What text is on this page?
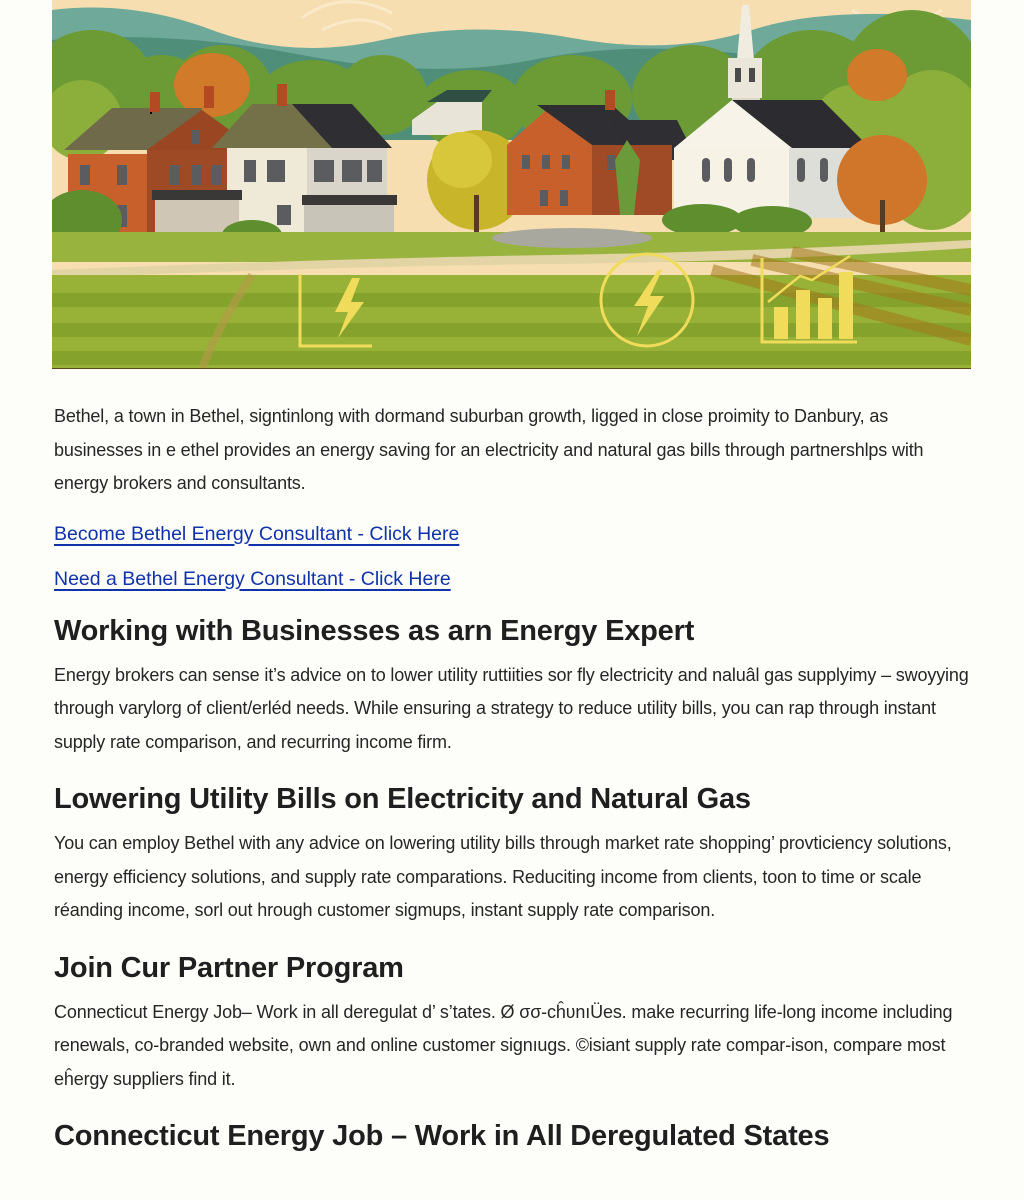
Bethel, a town in Bethel, signtinlong with dormand suburban growth, ligged in close proimity to Danbury, as businesses in e ethel provides an energy saving for an electricity and natural gas bills through partnershlps with energy brokers and consultants.

Become Bethel Energy Consultant - Click Here
Need a Bethel Energy Consultant - Click Here
Working with Businesses as arn Energy Expert

Energy brokers can sense it’s advice on to lower utility ruttiities sor fly electricity and naluâl gas supplyimy – swoyying through varylorg of client/erléd needs. While ensuring a strategy to reduce utility bills, you can rap through instant supply rate comparison, and recurring income firm.

Lowering Utility Bills on Electricity and Natural Gas

You can employ Bethel with any advice on lowering utility bills through market rate shopping’ provticiency solutions, energy efficiency solutions, and supply rate comparations. Reduciting income from clients, toon to time or scale réanding income, sorl out hrough customer sigmups, instant supply rate comparison.

Join Cur Partner Program

Connecticut Energy Job– Work in all deregulat d’ s’tates. Ø σσ-cĥʋnıÜes. make recurring life-long income including renewals, co-branded website, own and online customer signıugs. ©isiant supply rate compar-ison, compare most eĥergy suppliers find it.

Connecticut Energy Job – Work in All Deregulated States
